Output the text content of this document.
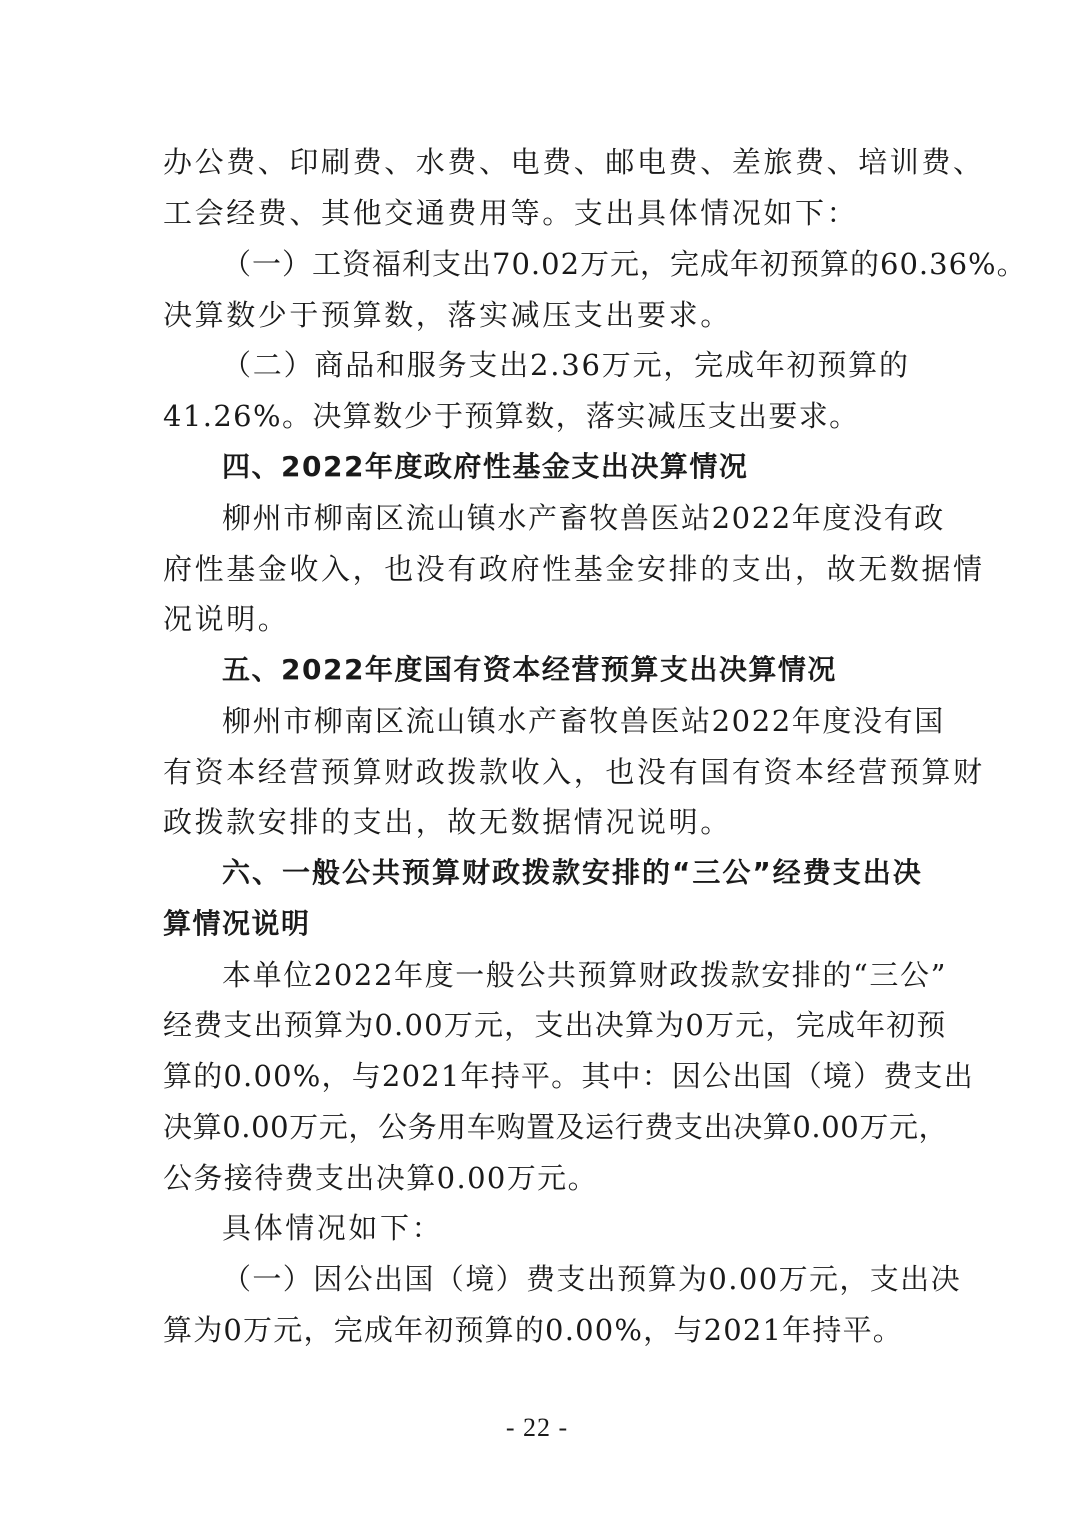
办公费、印刷费、水费、电费、邮电费、差旅费、培训费、
工会经费、其他交通费用等。支出具体情况如下：
（一）工资福利支出70.02万元，完成年初预算的60.36%。
决算数少于预算数，落实减压支出要求。
（二）商品和服务支出2.36万元，完成年初预算的
41.26%。决算数少于预算数，落实减压支出要求。
四、2022年度政府性基金支出决算情况
柳州市柳南区流山镇水产畜牧兽医站2022年度没有政
府性基金收入，也没有政府性基金安排的支出，故无数据情
况说明。
五、2022年度国有资本经营预算支出决算情况
柳州市柳南区流山镇水产畜牧兽医站2022年度没有国
有资本经营预算财政拨款收入，也没有国有资本经营预算财
政拨款安排的支出，故无数据情况说明。
六、一般公共预算财政拨款安排的“三公”经费支出决
算情况说明
本单位2022年度一般公共预算财政拨款安排的“三公”
经费支出预算为0.00万元，支出决算为0万元，完成年初预
算的0.00%，与2021年持平。其中：因公出国（境）费支出
决算0.00万元，公务用车购置及运行费支出决算0.00万元，
公务接待费支出决算0.00万元。
具体情况如下：
（一）因公出国（境）费支出预算为0.00万元，支出决
算为0万元，完成年初预算的0.00%，与2021年持平。
- 22 -
